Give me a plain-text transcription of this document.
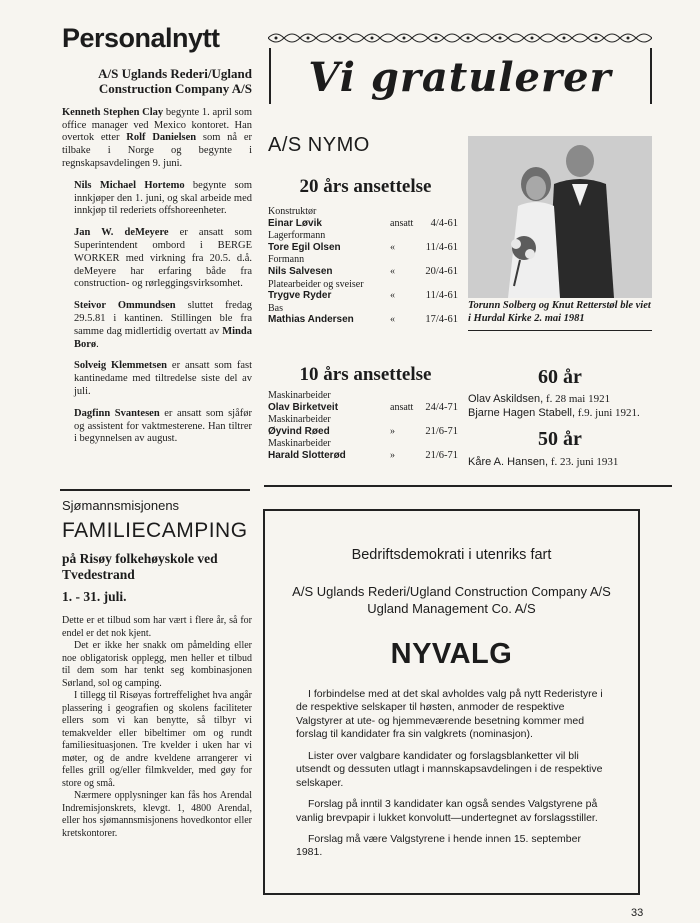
Personalnytt
A/S Uglands Rederi/Ugland
Construction Company A/S

Kenneth Stephen Clay begynte 1. april som office manager ved Mexico kontoret. Han overtok etter Rolf Danielsen som nå er tilbake i Norge og begynte i regnskapsavdelingen 9. juni.

Nils Michael Hortemo begynte som innkjøper den 1. juni, og skal arbeide med innkjøp til rederiets offshoreenheter.

Jan W. deMeyere er ansatt som Superintendent ombord i BERGE WORKER med virkning fra 20.5. d.å. deMeyere har erfaring både fra construction- og rørleggingsvirksomhet.

Steivor Ommundsen sluttet fredag 29.5.81 i kantinen. Stillingen ble fra samme dag midlertidig overtatt av Minda Borø.

Solveig Klemmetsen er ansatt som fast kantinedame med tiltredelse siste del av juli.

Dagfinn Svantesen er ansatt som sjåfør og assistent for vaktmesterene. Han tiltrer i begynnelsen av august.

Sjømannsmisjonens
FAMILIECAMPING
på Risøy folkehøyskole ved Tvedestrand
1. - 31. juli.

Dette er et tilbud som har vært i flere år, så for endel er det nok kjent.

Det er ikke her snakk om påmelding eller noe obligatorisk opplegg, men heller et tilbud til dem som har tenkt seg kombinasjonen Sørland, sol og camping.

I tillegg til Risøyas fortreffelighet hva angår plassering i geografien og skolens faciliteter ellers som vi kan benytte, så tilbyr vi temakvelder eller bibeltimer om og rundt familiesituasjonen. Tre kvelder i uken har vi møter, og de andre kveldene arrangerer vi felles grill og/eller filmkvelder, med gøy for store og små.

Nærmere opplysninger kan fås hos Arendal Indremisjonskrets, klevgt. 1, 4800 Arendal, eller hos sjømannsmisjonens hovedkontor eller kretskontorer.

Vi gratulerer
A/S NYMO
20 års ansettelse
Konstruktør
Einar Løvik	ansatt	4/4-61
Lagerformann
Tore Egil Olsen	«	11/4-61
Formann
Nils Salvesen	«	20/4-61
Platearbeider og sveiser
Trygve Ryder	«	11/4-61
Bas
Mathias Andersen	«	17/4-61
10 års ansettelse
Maskinarbeider
Olav Birketveit	ansatt	24/4-71
Maskinarbeider
Øyvind Røed	»	21/6-71
Maskinarbeider
Harald Slotterød	»	21/6-71
Torunn Solberg og Knut Retterstøl ble viet i Hurdal Kirke 2. mai 1981
60 år
Olav Askildsen, f. 28 mai 1921
Bjarne Hagen Stabell, f.9. juni 1921.
50 år
Kåre A. Hansen, f. 23. juni 1931
Bedriftsdemokrati i utenriks fart
A/S Uglands Rederi/Ugland Construction Company A/S
Ugland Management Co. A/S
NYVALG

I forbindelse med at det skal avholdes valg på nytt Rederistyre i de respektive selskaper til høsten, anmoder de respektive Valgstyrer at ute- og hjemmeværende besetning kommer med forslag til kandidater fra sin valgkrets (nominasjon).

Lister over valgbare kandidater og forslagsblanketter vil bli utsendt og dessuten utlagt i mannskapsavdelingen i de respektive selskaper.

Forslag på inntil 3 kandidater kan også sendes Valgstyrene på vanlig brevpapir i lukket konvolutt—undertegnet av forslagsstiller.

Forslag må være Valgstyrene i hende innen 15. september 1981.

33
